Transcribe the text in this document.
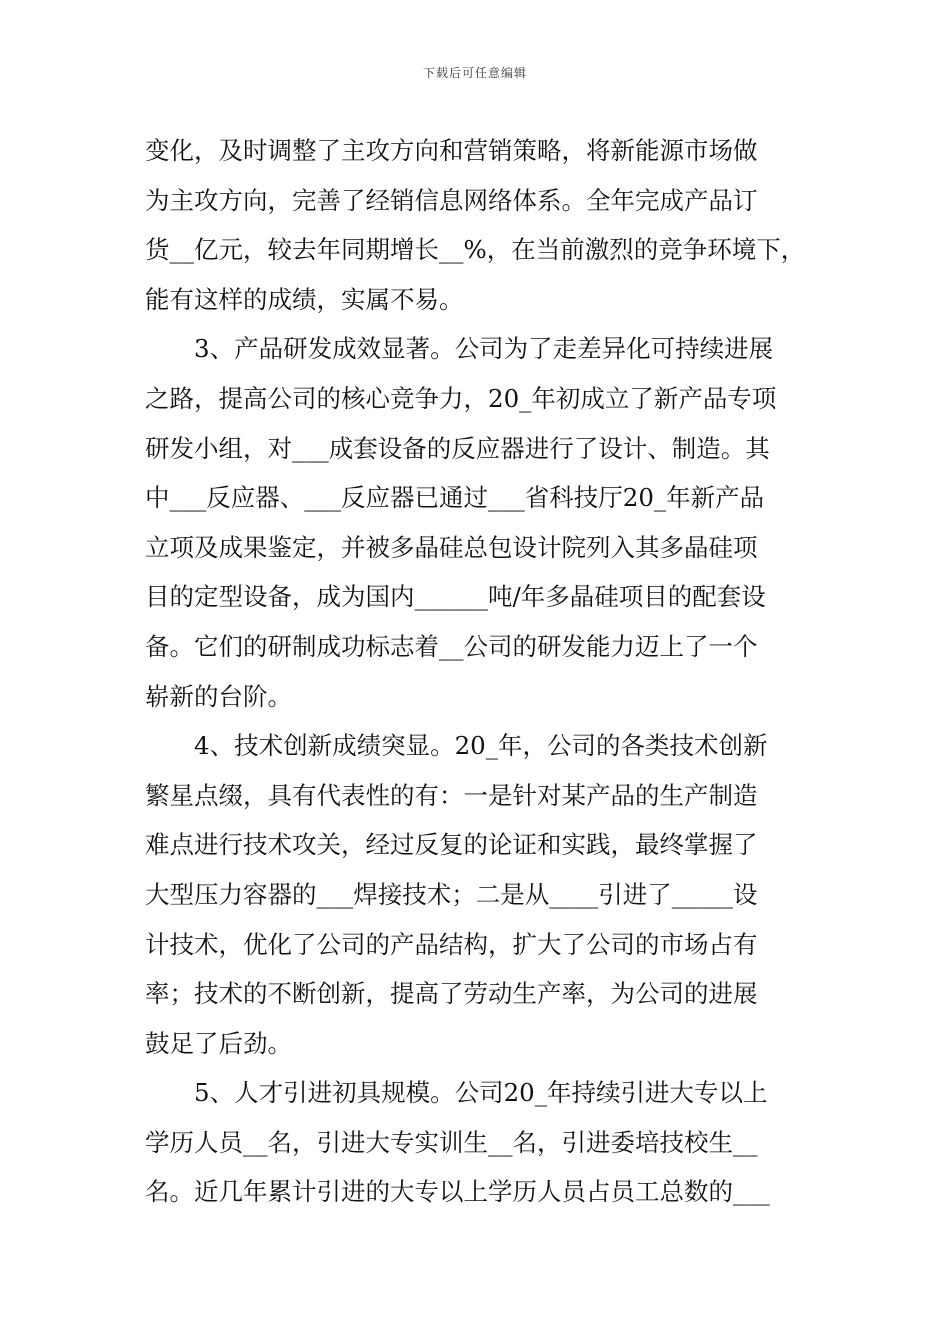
下载后可任意编辑
变化，及时调整了主攻方向和营销策略，将新能源市场做
为主攻方向，完善了经销信息网络体系。全年完成产品订
货__亿元，较去年同期增长__%，在当前激烈的竞争环境下，
能有这样的成绩，实属不易。
3、产品研发成效显著。公司为了走差异化可持续进展
之路，提高公司的核心竞争力，20_年初成立了新产品专项
研发小组，对___成套设备的反应器进行了设计、制造。其
中___反应器、___反应器已通过___省科技厅20_年新产品
立项及成果鉴定，并被多晶硅总包设计院列入其多晶硅项
目的定型设备，成为国内______吨/年多晶硅项目的配套设
备。它们的研制成功标志着__公司的研发能力迈上了一个
崭新的台阶。
4、技术创新成绩突显。20_年，公司的各类技术创新
繁星点缀，具有代表性的有：一是针对某产品的生产制造
难点进行技术攻关，经过反复的论证和实践，最终掌握了
大型压力容器的___焊接技术；二是从____引进了_____设
计技术，优化了公司的产品结构，扩大了公司的市场占有
率；技术的不断创新，提高了劳动生产率，为公司的进展
鼓足了后劲。
5、人才引进初具规模。公司20_年持续引进大专以上
学历人员__名，引进大专实训生__名，引进委培技校生__
名。近几年累计引进的大专以上学历人员占员工总数的___
